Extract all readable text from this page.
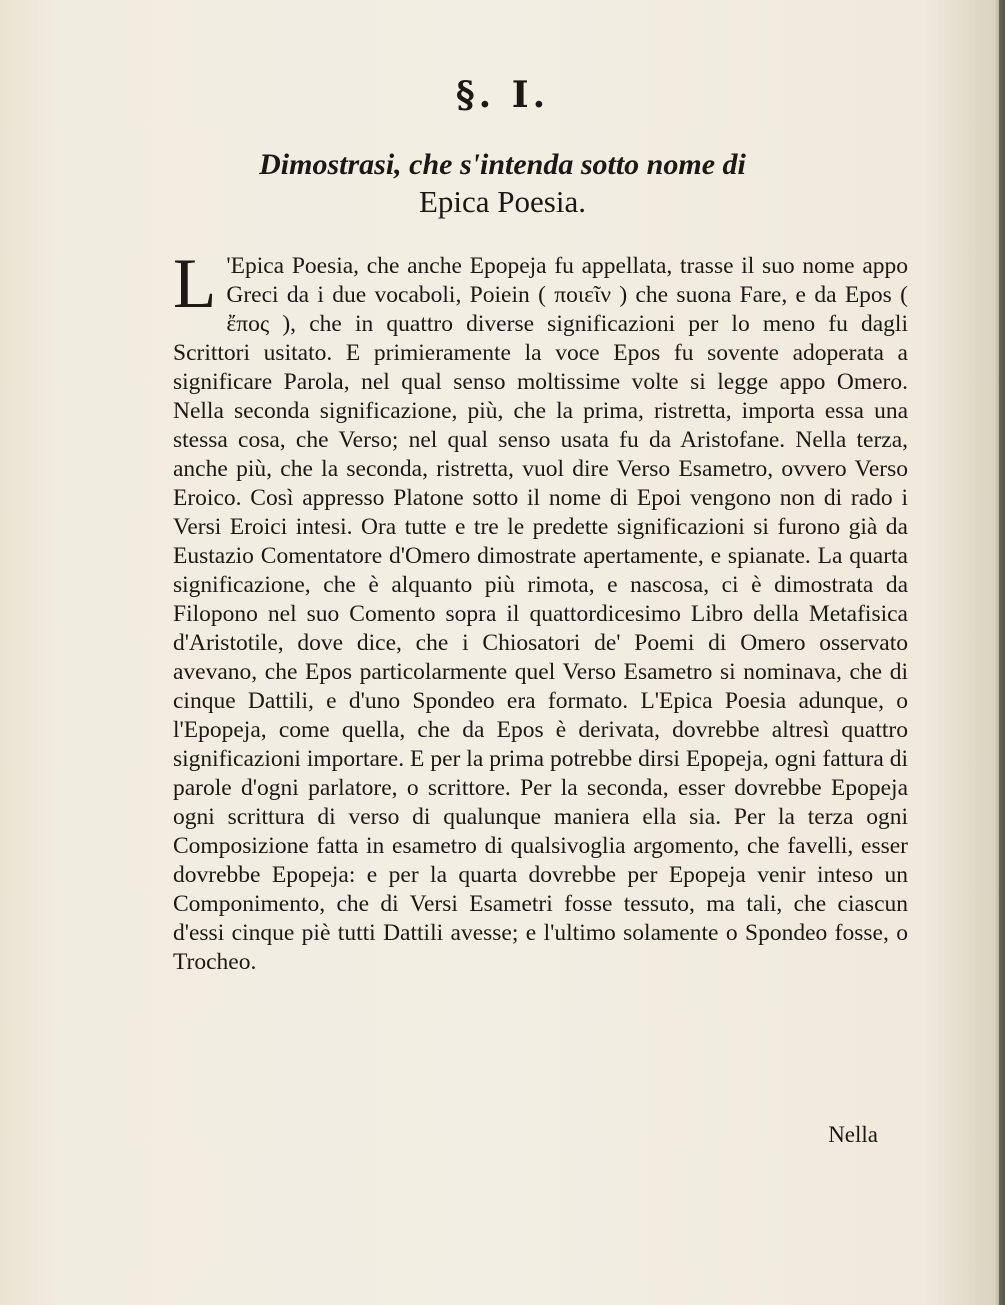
§. I.
Dimostrasi, che s'intenda sotto nome di
Epica Poesia.
L 'Epica Poesia, che anche Epopeja fu appellata, trasse il suo nome appo Greci da i due vocaboli, Poiein ( ποιεῖν ) che suona Fare, e da Epos ( ἔπος ), che in quattro diverse significazioni per lo meno fu dagli Scrittori usitato. E primieramente la voce Epos fu sovente adoperata a significare Parola, nel qual senso moltissime volte si legge appo Omero. Nella seconda significazione, più, che la prima, ristretta, importa essa una stessa cosa, che Verso; nel qual senso usata fu da Aristofane. Nella terza, anche più, che la seconda, ristretta, vuol dire Verso Esametro, ovvero Verso Eroico. Così appresso Platone sotto il nome di Epoi vengono non di rado i Versi Eroici intesi. Ora tutte e tre le predette significazioni si furono già da Eustazio Comentatore d'Omero dimostrate apertamente, e spianate. La quarta significazione, che è alquanto più rimota, e nascosa, ci è dimostrata da Filopono nel suo Comento sopra il quattordicesimo Libro della Metafisica d'Aristotile, dove dice, che i Chiosatori de' Poemi di Omero osservato avevano, che Epos particolarmente quel Verso Esametro si nominava, che di cinque Dattili, e d'uno Spondeo era formato. L'Epica Poesia adunque, o l'Epopeja, come quella, che da Epos è derivata, dovrebbe altresì quattro significazioni importare. E per la prima potrebbe dirsi Epopeja, ogni fattura di parole d'ogni parlatore, o scrittore. Per la seconda, esser dovrebbe Epopeja ogni scrittura di verso di qualunque maniera ella sia. Per la terza ogni Composizione fatta in esametro di qualsivoglia argomento, che favelli, esser dovrebbe Epopeja: e per la quarta dovrebbe per Epopeja venir inteso un Componimento, che di Versi Esametri fosse tessuto, ma tali, che ciascun d'essi cinque piè tutti Dattili avesse; e l'ultimo solamente o Spondeo fosse, o Trocheo.
Nella
